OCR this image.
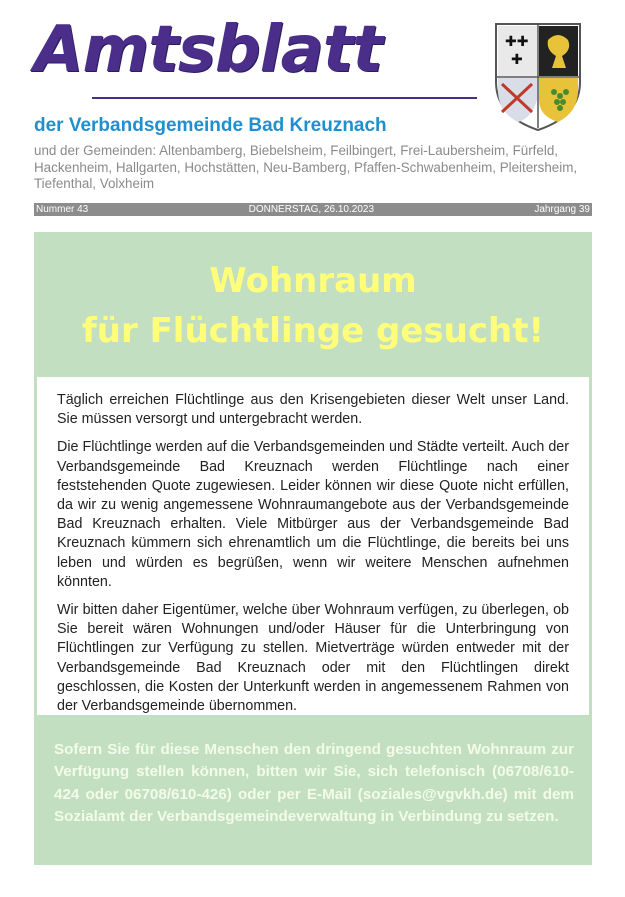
Amtsblatt	✚✚
✚
der Verbandsgemeinde Bad Kreuznach
und der Gemeinden: Altenbamberg, Biebelsheim, Feilbingert, Frei-Laubersheim, Fürfeld, Hackenheim, Hallgarten, Hochstätten, Neu-Bamberg, Pfaffen-Schwabenheim, Pleitersheim, Tiefenthal, Volxheim
Nummer 43	DONNERSTAG, 26.10.2023	Jahrgang 39
Wohnraum
für Flüchtlinge gesucht!

Täglich erreichen Flüchtlinge aus den Krisengebieten dieser Welt unser Land. Sie müssen versorgt und untergebracht werden.

Die Flüchtlinge werden auf die Verbandsgemeinden und Städte verteilt. Auch der Verbandsgemeinde Bad Kreuznach werden Flüchtlinge nach einer feststehenden Quote zugewiesen. Leider können wir diese Quote nicht erfüllen, da wir zu wenig angemessene Wohnraumangebote aus der Verbandsgemeinde Bad Kreuznach erhalten. Viele Mitbürger aus der Verbandsgemeinde Bad Kreuznach kümmern sich ehrenamtlich um die Flüchtlinge, die bereits bei uns leben und würden es begrüßen, wenn wir weitere Menschen aufnehmen könnten.

Wir bitten daher Eigentümer, welche über Wohnraum verfügen, zu überlegen, ob Sie bereit wären Wohnungen und/oder Häuser für die Unterbringung von Flüchtlingen zur Verfügung zu stellen. Mietverträge würden entweder mit der Verbandsgemeinde Bad Kreuznach oder mit den Flüchtlingen direkt geschlossen, die Kosten der Unterkunft werden in angemessenem Rahmen von der Verbandsgemeinde übernommen.

Sofern Sie für diese Menschen den dringend gesuchten Wohnraum zur Verfügung stellen können, bitten wir Sie, sich telefonisch (06708/610-424 oder 06708/610-426) oder per E-Mail (soziales@vgvkh.de) mit dem Sozialamt der Verbandsgemeindeverwaltung in Verbindung zu setzen.
